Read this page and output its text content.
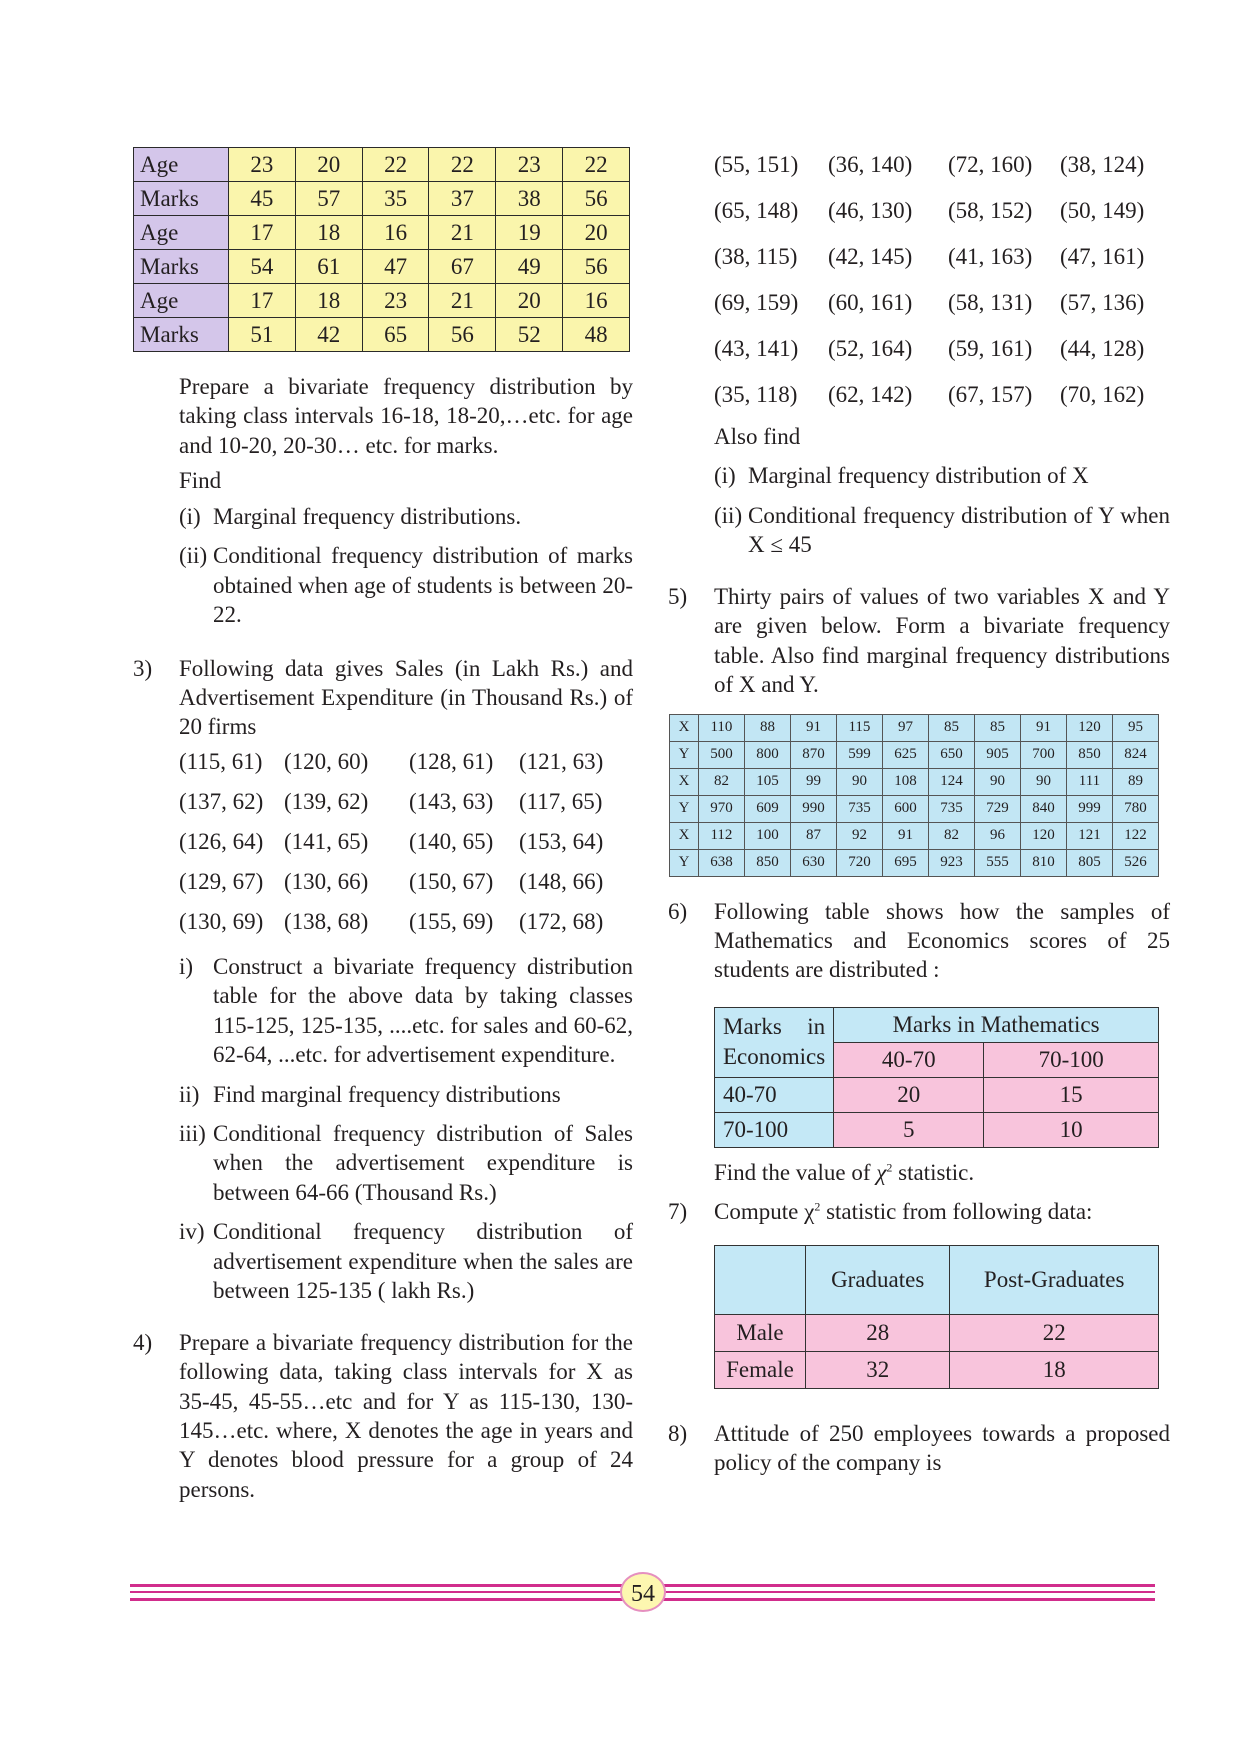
Age	23	20	22	22	23	22
Marks	45	57	35	37	38	56
Age	17	18	16	21	19	20
Marks	54	61	47	67	49	56
Age	17	18	23	21	20	16
Marks	51	42	65	56	52	48

Prepare a bivariate frequency distribution by taking class intervals 16-18, 18-20,…etc. for age and 10-20, 20-30… etc. for marks.

Find

(i) Marginal frequency distributions.

(ii) Conditional frequency distribution of marks obtained when age of students is between 20-22.

3) Following data gives Sales (in Lakh Rs.) and Advertisement Expenditure (in Thousand Rs.) of 20 firms

(115, 61) (120, 60)	(128, 61)	(121, 63)
(137, 62) (139, 62)	(143, 63)	(117, 65)
(126, 64) (141, 65)	(140, 65)	(153, 64)
(129, 67) (130, 66)	(150, 67)	(148, 66)
(130, 69) (138, 68)	(155, 69)	(172, 68)
i) Construct a bivariate frequency distribution table for the above data by taking classes 115-125, 125-135, ....etc. for sales and 60-62, 62-64, ...etc. for advertisement expenditure.

ii) Find marginal frequency distributions

iii) Conditional frequency distribution of Sales when the advertisement expenditure is between 64-66 (Thousand Rs.)

iv) Conditional frequency distribution of advertisement expenditure when the sales are between 125-135 ( lakh Rs.)

4) Prepare a bivariate frequency distribution for the following data, taking class intervals for X as 35-45, 45-55…etc and for Y as 115-130, 130-145…etc. where, X denotes the age in years and Y denotes blood pressure for a group of 24 persons.

(55, 151)	(36, 140)	(72, 160)	(38, 124)
(65, 148)	(46, 130)	(58, 152)	(50, 149)
(38, 115)	(42, 145)	(41, 163)	(47, 161)
(69, 159)	(60, 161)	(58, 131)	(57, 136)
(43, 141)	(52, 164)	(59, 161)	(44, 128)
(35, 118)	(62, 142)	(67, 157)	(70, 162)

Also find

(i) Marginal frequency distribution of X

(ii) Conditional frequency distribution of Y when X ≤ 45

5) Thirty pairs of values of two variables X and Y are given below. Form a bivariate frequency table. Also find marginal frequency distributions of X and Y.

X	110	88	91	115	97	85	85	91	120	95
Y	500	800	870	599	625	650	905	700	850	824
X	82	105	99	90	108	124	90	90	111	89
Y	970	609	990	735	600	735	729	840	999	780
X	112	100	87	92	91	82	96	120	121	122
Y	638	850	630	720	695	923	555	810	805	526
6) Following table shows how the samples of Mathematics and Economics scores of 25 students are distributed :

Marks in Economics	Marks in Mathematics	
	40-70	70-100
40-70	20	15
70-100	5	10

Find the value of $\chi^2$ statistic.

7) Compute $\chi^2$ statistic from following data:

	Graduates	Post-Graduates
Male	28	22
Female	32	18
8) Attitude of 250 employees towards a proposed policy of the company is

54
